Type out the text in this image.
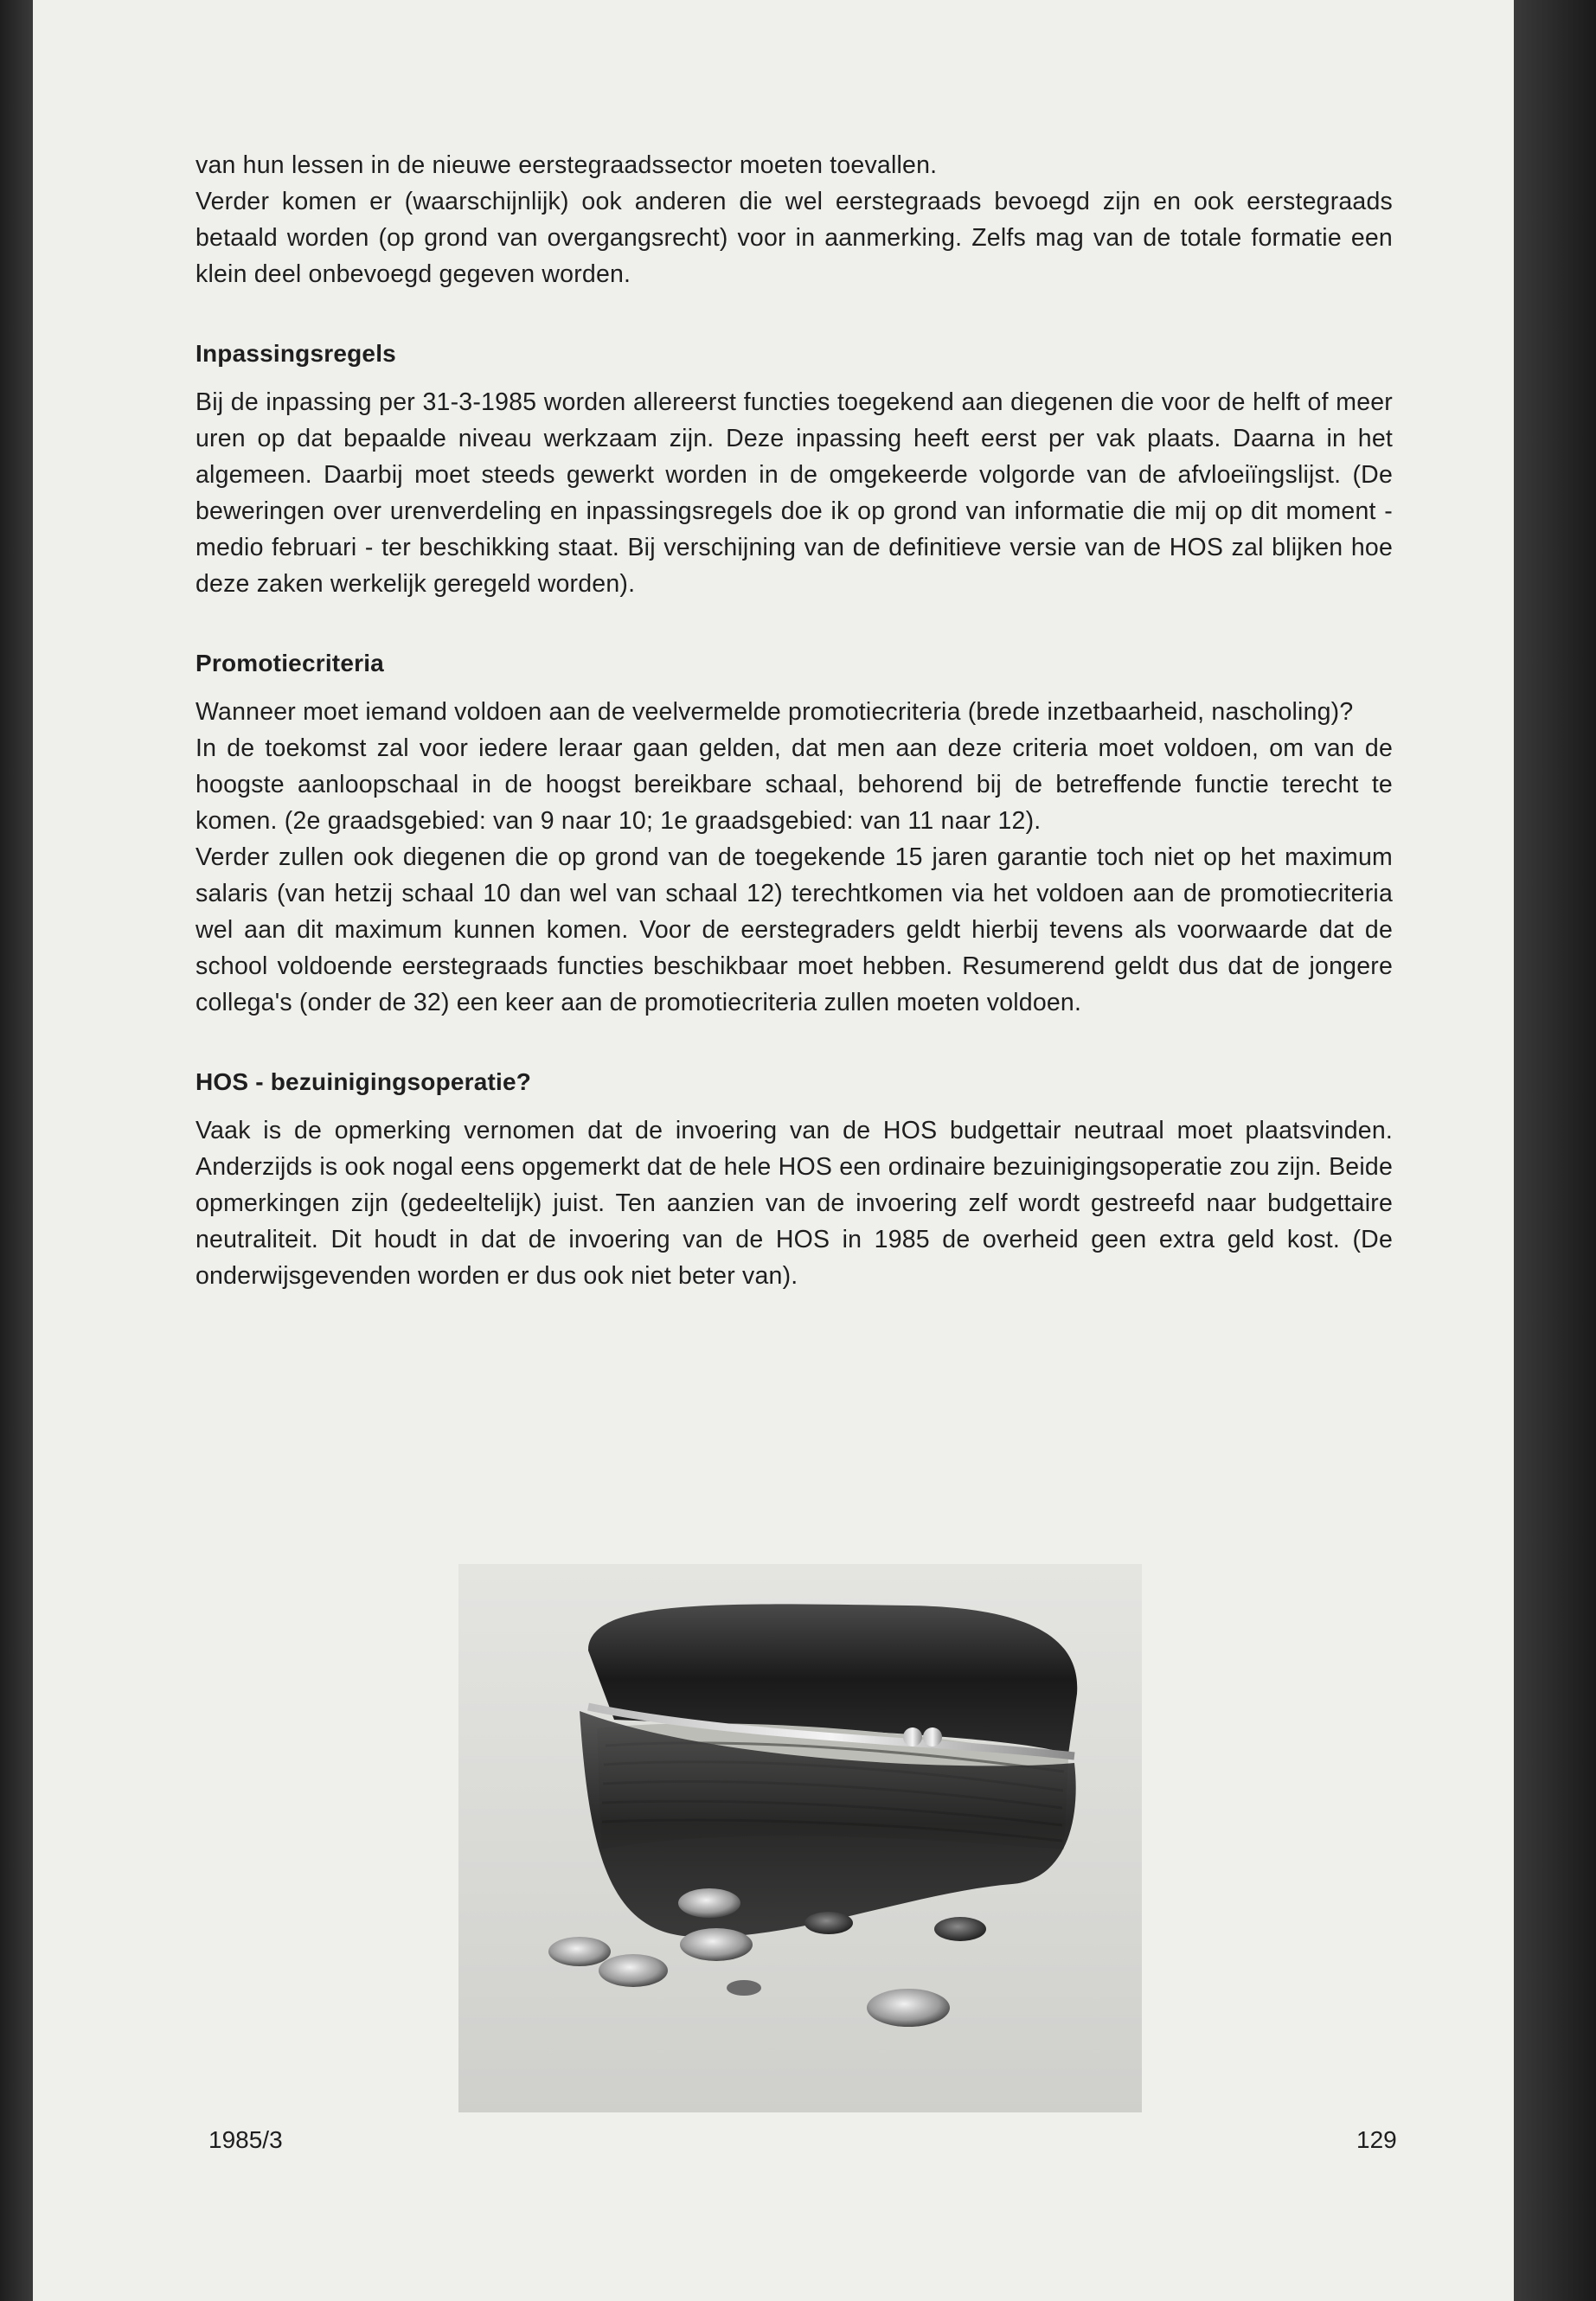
van hun lessen in de nieuwe eerstegraadssector moeten toevallen.

Verder komen er (waarschijnlijk) ook anderen die wel eerstegraads bevoegd zijn en ook eerstegraads betaald worden (op grond van overgangsrecht) voor in aanmerking. Zelfs mag van de totale formatie een klein deel onbevoegd gegeven worden.

Inpassingsregels

Bij de inpassing per 31-3-1985 worden allereerst functies toegekend aan diegenen die voor de helft of meer uren op dat bepaalde niveau werkzaam zijn. Deze inpassing heeft eerst per vak plaats. Daarna in het algemeen. Daarbij moet steeds gewerkt worden in de omgekeerde volgorde van de afvloeiïngslijst. (De beweringen over urenverdeling en inpassingsregels doe ik op grond van informatie die mij op dit moment - medio februari - ter beschikking staat. Bij verschijning van de definitieve versie van de HOS zal blijken hoe deze zaken werkelijk geregeld worden).

Promotiecriteria

Wanneer moet iemand voldoen aan de veelvermelde promotiecriteria (brede inzetbaarheid, nascholing)?

In de toekomst zal voor iedere leraar gaan gelden, dat men aan deze criteria moet voldoen, om van de hoogste aanloopschaal in de hoogst bereikbare schaal, behorend bij de betreffende functie terecht te komen. (2e graadsgebied: van 9 naar 10; 1e graadsgebied: van 11 naar 12).

Verder zullen ook diegenen die op grond van de toegekende 15 jaren garantie toch niet op het maximum salaris (van hetzij schaal 10 dan wel van schaal 12) terechtkomen via het voldoen aan de promotiecriteria wel aan dit maximum kunnen komen. Voor de eerstegraders geldt hierbij tevens als voorwaarde dat de school voldoende eerstegraads functies beschikbaar moet hebben. Resumerend geldt dus dat de jongere collega's (onder de 32) een keer aan de promotiecriteria zullen moeten voldoen.

HOS - bezuinigingsoperatie?

Vaak is de opmerking vernomen dat de invoering van de HOS budgettair neutraal moet plaatsvinden. Anderzijds is ook nogal eens opgemerkt dat de hele HOS een ordinaire bezuinigingsoperatie zou zijn. Beide opmerkingen zijn (gedeeltelijk) juist. Ten aanzien van de invoering zelf wordt gestreefd naar budgettaire neutraliteit. Dit houdt in dat de invoering van de HOS in 1985 de overheid geen extra geld kost. (De onderwijsgevenden worden er dus ook niet beter van).

1985/3	129
